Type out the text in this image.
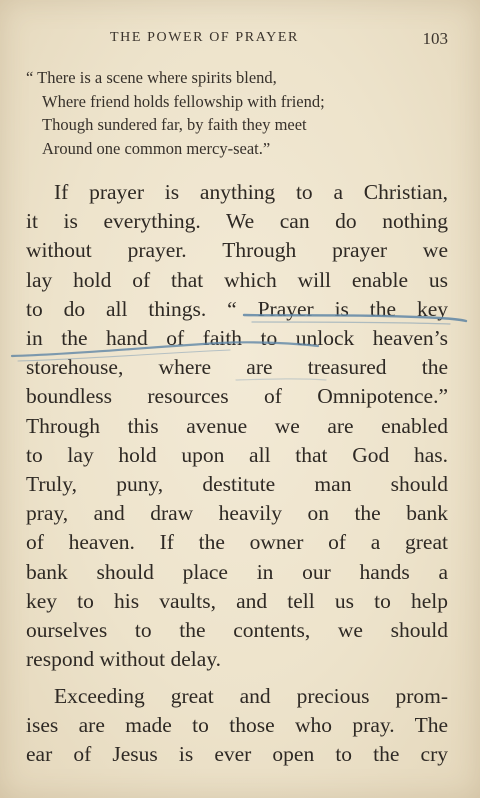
THE POWER OF PRAYER	103
“ There is a scene where spirits blend,
Where friend holds fellowship with friend;
Though sundered far, by faith they meet
Around one common mercy-seat.”
If prayer is anything to a Christian,
it is everything. We can do nothing
without prayer. Through prayer we
lay hold of that which will enable us
to do all things. “ Prayer is the key
in the hand of faith to unlock heaven’s
storehouse, where are treasured the
boundless resources of Omnipotence.”
Through this avenue we are enabled
to lay hold upon all that God has.
Truly, puny, destitute man should
pray, and draw heavily on the bank
of heaven. If the owner of a great
bank should place in our hands a
key to his vaults, and tell us to help
ourselves to the contents, we should
respond without delay.
Exceeding great and precious prom-
ises are made to those who pray. The
ear of Jesus is ever open to the cry
